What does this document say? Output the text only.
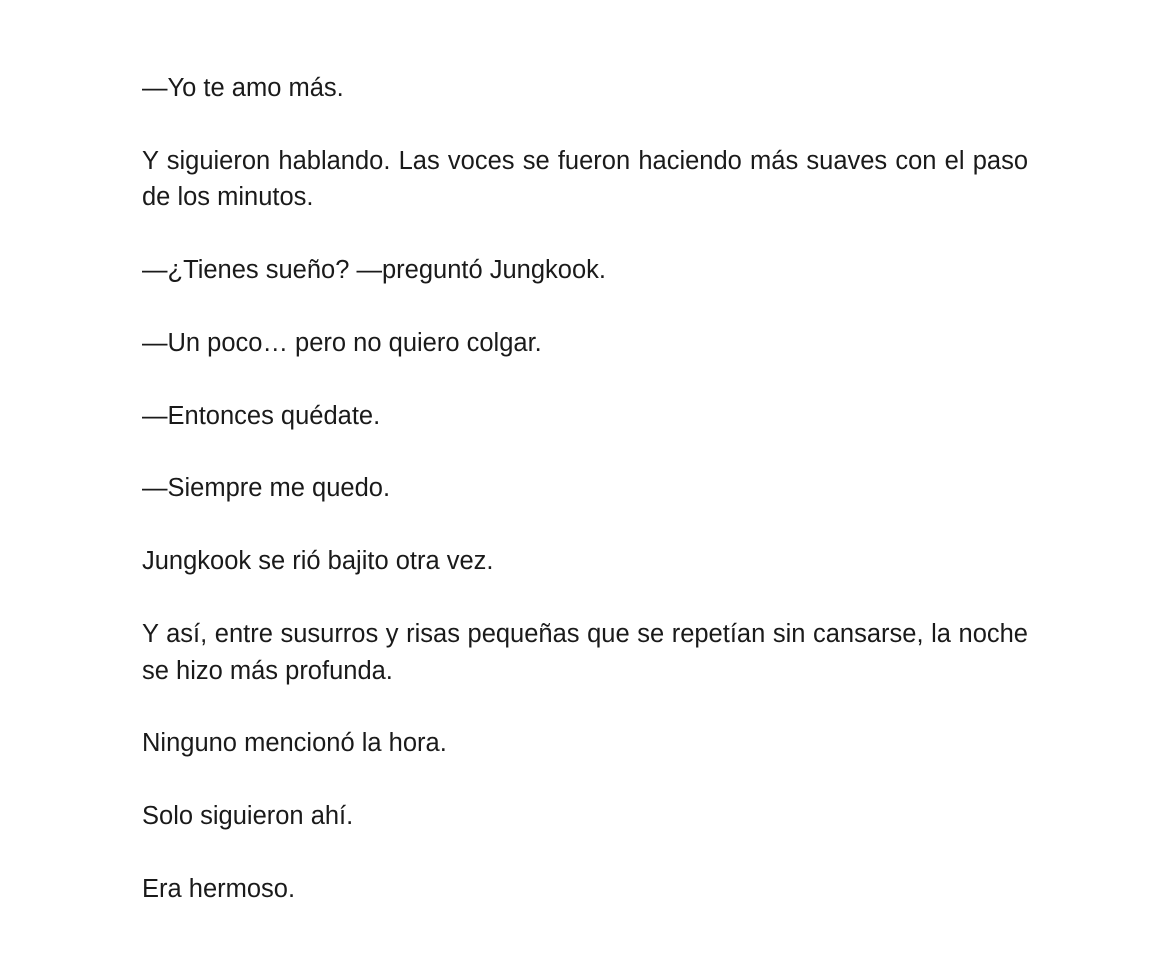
—Yo te amo más.

Y siguieron hablando. Las voces se fueron haciendo más suaves con el paso de los minutos.

—¿Tienes sueño? —preguntó Jungkook.

—Un poco… pero no quiero colgar.

—Entonces quédate.

—Siempre me quedo.

Jungkook se rió bajito otra vez.

Y así, entre susurros y risas pequeñas que se repetían sin cansarse, la noche se hizo más profunda.

Ninguno mencionó la hora.

Solo siguieron ahí.

Era hermoso.
